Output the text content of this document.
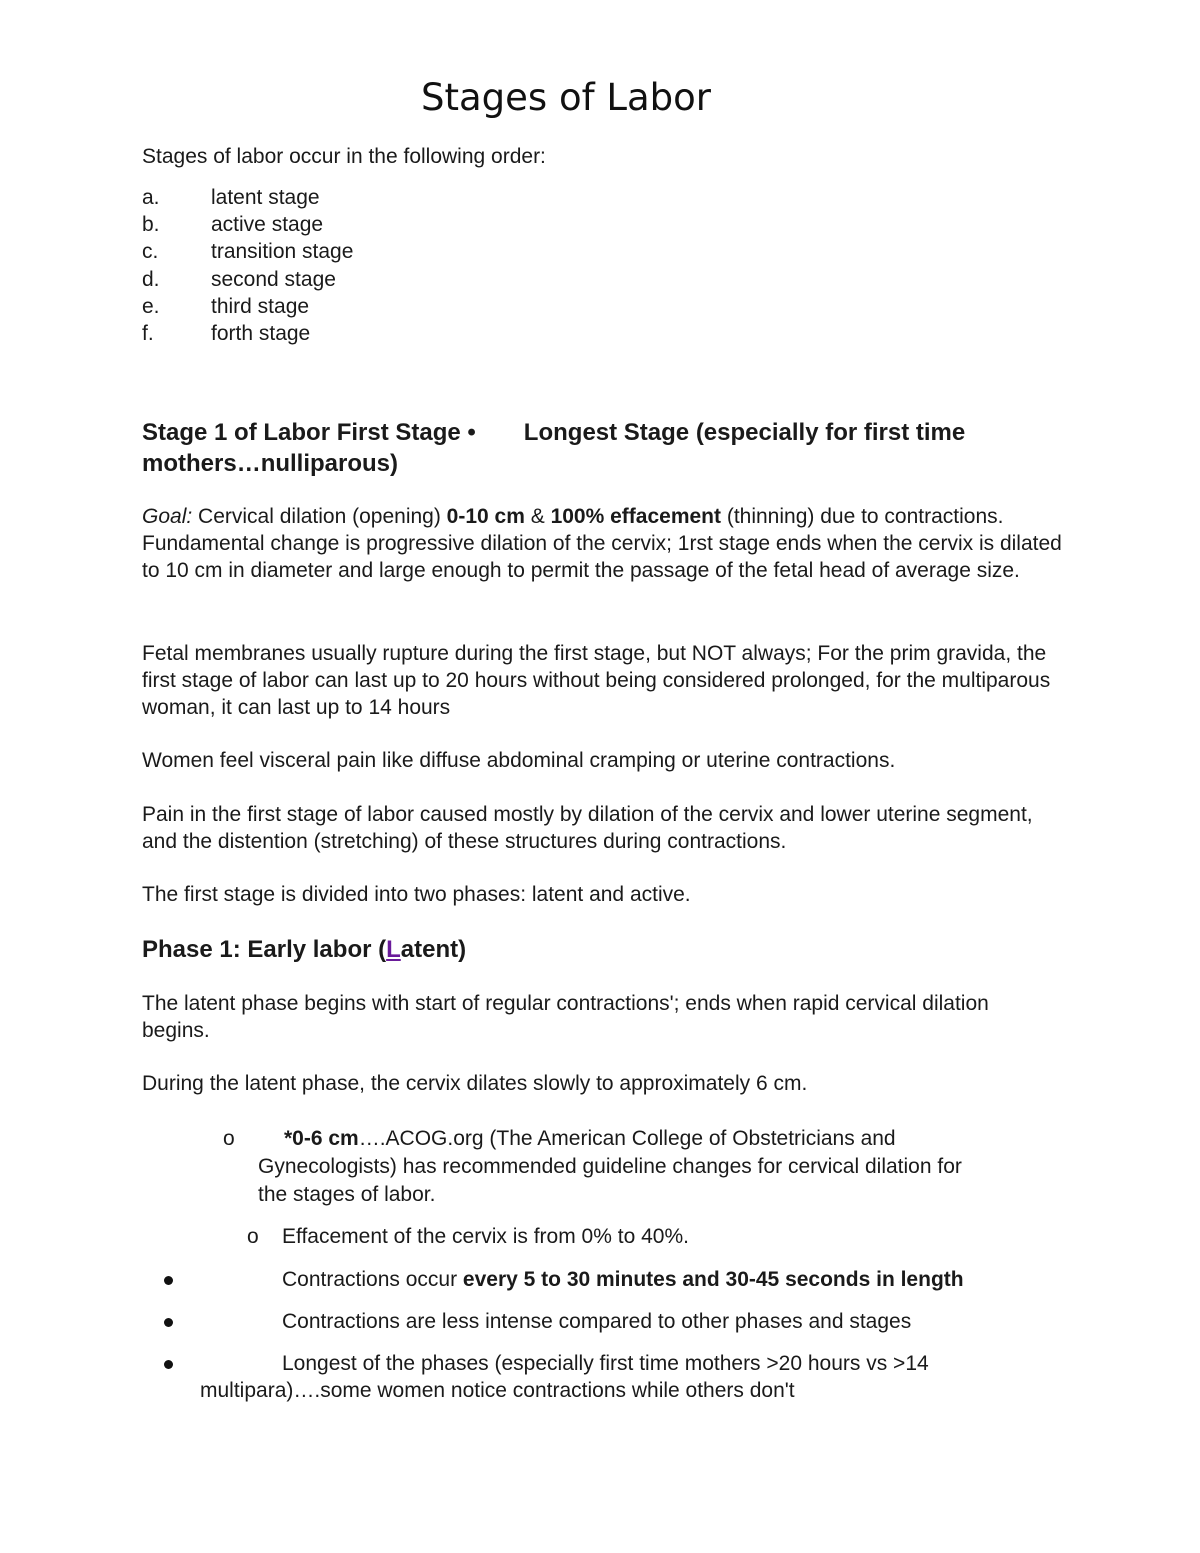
Stages of Labor
Stages of labor occur in the following order:
a.	latent stage
b.	active stage
c.	transition stage
d.	second stage
e.	third stage
f.	forth stage
Stage 1 of Labor First Stage • Longest Stage (especially for first time mothers…nulliparous)

Goal: Cervical dilation (opening) 0-10 cm & 100% effacement (thinning) due to contractions. Fundamental change is progressive dilation of the cervix; 1rst stage ends when the cervix is dilated to 10 cm in diameter and large enough to permit the passage of the fetal head of average size.

Fetal membranes usually rupture during the first stage, but NOT always; For the prim gravida, the first stage of labor can last up to 20 hours without being considered prolonged, for the multiparous woman, it can last up to 14 hours

Women feel visceral pain like diffuse abdominal cramping or uterine contractions.

Pain in the first stage of labor caused mostly by dilation of the cervix and lower uterine segment, and the distention (stretching) of these structures during contractions.

The first stage is divided into two phases: latent and active.

Phase 1: Early labor (Latent)

The latent phase begins with start of regular contractions'; ends when rapid cervical dilation begins.

During the latent phase, the cervix dilates slowly to approximately 6 cm.

o	*0-6 cm….ACOG.org (The American College of Obstetricians and
Gynecologists) has recommended guideline changes for cervical dilation for
the stages of labor.
o Effacement of the cervix is from 0% to 40%.
Contractions occur every 5 to 30 minutes and 30-45 seconds in length
Contractions are less intense compared to other phases and stages
Longest of the phases (especially first time mothers >20 hours vs >14
multipara)….some women notice contractions while others don't
